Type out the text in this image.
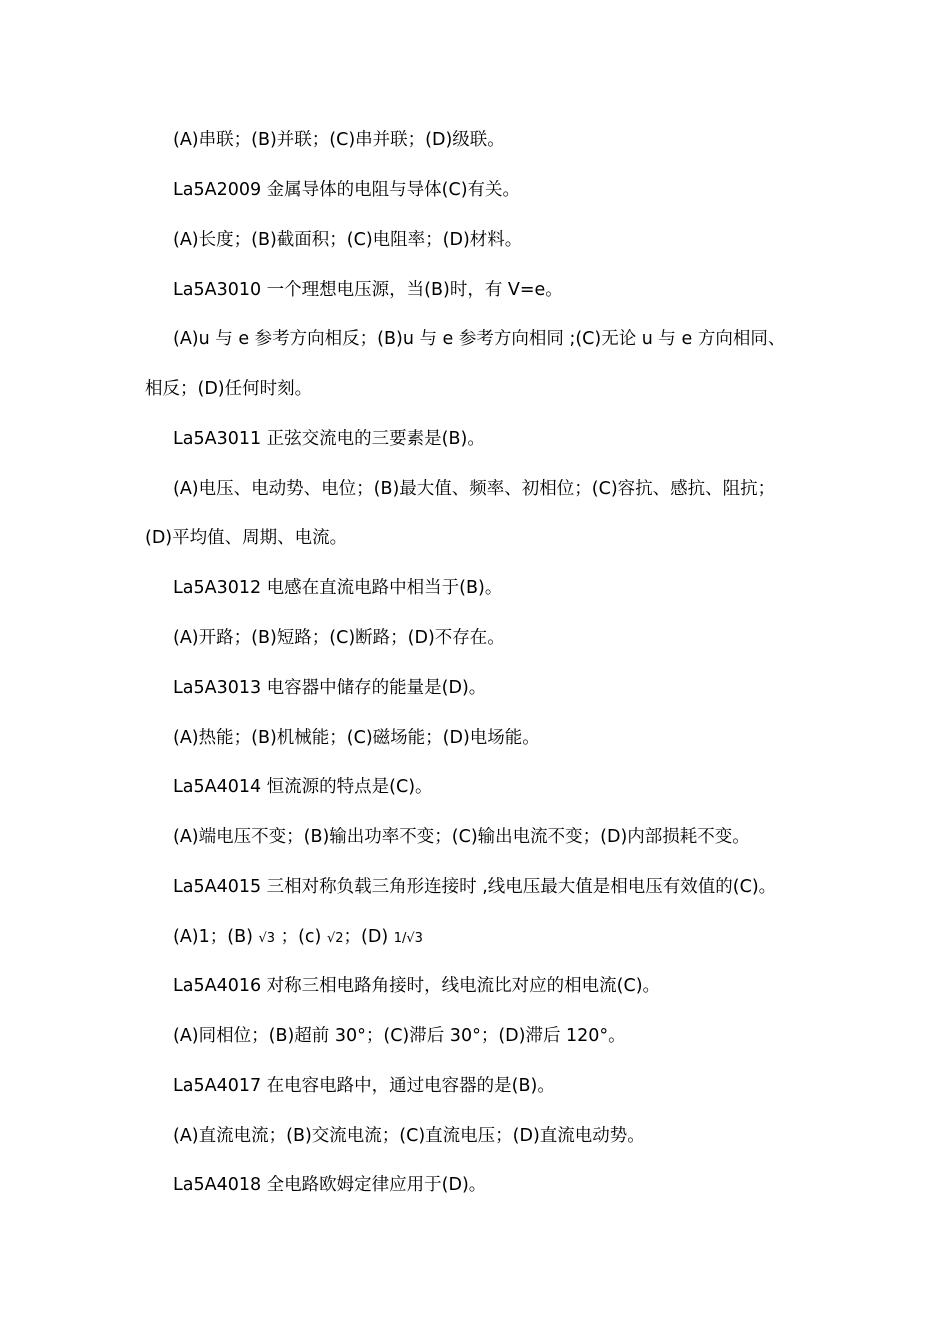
(A)串联；(B)并联；(C)串并联；(D)级联。
La5A2009 金属导体的电阻与导体(C)有关。
(A)长度；(B)截面积；(C)电阻率；(D)材料。
La5A3010 一个理想电压源，当(B)时，有 V=e。
(A)u 与 e 参考方向相反；(B)u 与 e 参考方向相同 ;(C)无论 u 与 e 方向相同、
相反；(D)任何时刻。
La5A3011 正弦交流电的三要素是(B)。
(A)电压、电动势、电位；(B)最大值、频率、初相位；(C)容抗、感抗、阻抗；
(D)平均值、周期、电流。
La5A3012 电感在直流电路中相当于(B)。
(A)开路；(B)短路；(C)断路；(D)不存在。
La5A3013 电容器中储存的能量是(D)。
(A)热能；(B)机械能；(C)磁场能；(D)电场能。
La5A4014 恒流源的特点是(C)。
(A)端电压不变；(B)输出功率不变；(C)输出电流不变；(D)内部损耗不变。
La5A4015 三相对称负载三角形连接时 ,线电压最大值是相电压有效值的(C)。
(A)1；(B) √3 ；(c) √2；(D) 1/√3
La5A4016 对称三相电路角接时，线电流比对应的相电流(C)。
(A)同相位；(B)超前 30°；(C)滞后 30°；(D)滞后 120°。
La5A4017 在电容电路中，通过电容器的是(B)。
(A)直流电流；(B)交流电流；(C)直流电压；(D)直流电动势。
La5A4018 全电路欧姆定律应用于(D)。
